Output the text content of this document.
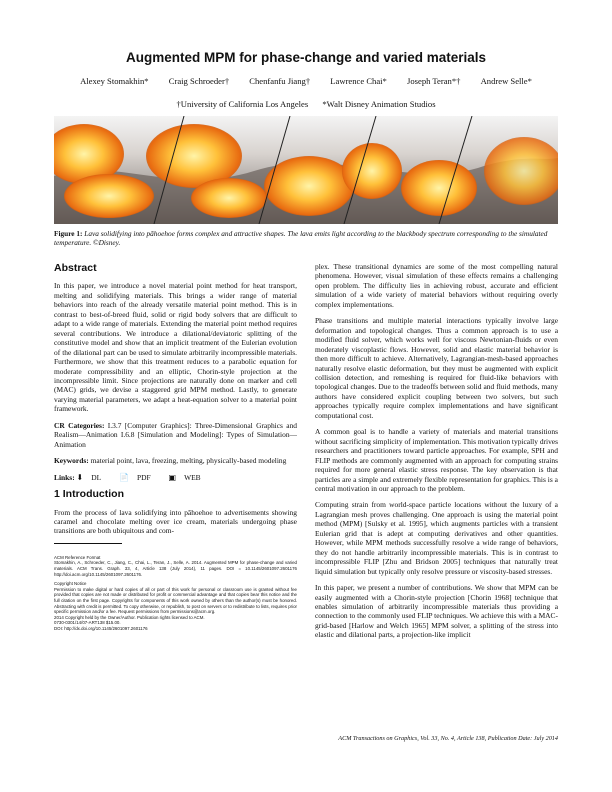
Augmented MPM for phase-change and varied materials
Alexey Stomakhin* Craig Schroeder† Chenfanfu Jiang† Lawrence Chai* Joseph Teran*† Andrew Selle*
†University of California Los Angeles *Walt Disney Animation Studios
Figure 1: Lava solidifying into pāhoehoe forms complex and attractive shapes. The lava emits light according to the blackbody spectrum corresponding to the simulated temperature. ©Disney.
Abstract

In this paper, we introduce a novel material point method for heat transport, melting and solidifying materials. This brings a wider range of material behaviors into reach of the already versatile material point method. This is in contrast to best-of-breed fluid, solid or rigid body solvers that are difficult to adapt to a wide range of materials. Extending the material point method requires several contributions. We introduce a dilational/deviatoric splitting of the constitutive model and show that an implicit treatment of the Eulerian evolution of the dilational part can be used to simulate arbitrarily incompressible materials. Furthermore, we show that this treatment reduces to a parabolic equation for moderate compressibility and an elliptic, Chorin-style projection at the incompressible limit. Since projections are naturally done on marker and cell (MAC) grids, we devise a staggered grid MPM method. Lastly, to generate varying material parameters, we adapt a heat-equation solver to a material point framework.

CR Categories: I.3.7 [Computer Graphics]: Three-Dimensional Graphics and Realism—Animation I.6.8 [Simulation and Modeling]: Types of Simulation—Animation

Keywords: material point, lava, freezing, melting, physically-based modeling

Links: ⬇ DL 📄 PDF ▣ WEB

1 Introduction

From the process of lava solidifying into pāhoehoe to advertisements showing caramel and chocolate melting over ice cream, materials undergoing phase transitions are both ubiquitous and com-

ACM Reference Format
Stomakhin, A., Schroeder, C., Jiang, C., Chai, L., Teran, J., Selle, A. 2014. Augmented MPM for phase-change and varied materials. ACM Trans. Graph. 33, 4, Article 138 (July 2014), 11 pages. DOI = 10.1145/2601097.2601176 http://doi.acm.org/10.1145/2601097.2601176.
Copyright Notice
Permission to make digital or hard copies of all or part of this work for personal or classroom use is granted without fee provided that copies are not made or distributed for profit or commercial advantage and that copies bear this notice and the full citation on the first page. Copyrights for components of this work owned by others than the author(s) must be honored. Abstracting with credit is permitted. To copy otherwise, or republish, to post on servers or to redistribute to lists, requires prior specific permission and/or a fee. Request permissions from permissions@acm.org.
2014 Copyright held by the Owner/Author. Publication rights licensed to ACM.
0730-0301/14/07-ART138 $15.00.
DOI: http://dx.doi.org/10.1145/2601097.2601176

plex. These transitional dynamics are some of the most compelling natural phenomena. However, visual simulation of these effects remains a challenging open problem. The difficulty lies in achieving robust, accurate and efficient simulation of a wide variety of material behaviors without requiring overly complex implementations.

Phase transitions and multiple material interactions typically involve large deformation and topological changes. Thus a common approach is to use a modified fluid solver, which works well for viscous Newtonian-fluids or even moderately viscoplastic flows. However, solid and elastic material behavior is then more difficult to achieve. Alternatively, Lagrangian-mesh-based approaches naturally resolve elastic deformation, but they must be augmented with explicit collision detection, and remeshing is required for fluid-like behaviors with topological changes. Due to the tradeoffs between solid and fluid methods, many authors have considered explicit coupling between two solvers, but such approaches typically require complex implementations and have significant computational cost.

A common goal is to handle a variety of materials and material transitions without sacrificing simplicity of implementation. This motivation typically drives researchers and practitioners toward particle approaches. For example, SPH and FLIP methods are commonly augmented with an approach for computing strains required for more general elastic stress response. The key observation is that particles are a simple and extremely flexible representation for graphics. This is a central motivation in our approach to the problem.

Computing strain from world-space particle locations without the luxury of a Lagrangian mesh proves challenging. One approach is using the material point method (MPM) [Sulsky et al. 1995], which augments particles with a transient Eulerian grid that is adept at computing derivatives and other quantities. However, while MPM methods successfully resolve a wide range of behaviors, they do not handle arbitrarily incompressible materials. This is in contrast to incompressible FLIP [Zhu and Bridson 2005] techniques that naturally treat liquid simulation but typically only resolve pressure or viscosity-based stresses.

In this paper, we present a number of contributions. We show that MPM can be easily augmented with a Chorin-style projection [Chorin 1968] technique that enables simulation of arbitrarily incompressible materials thus providing a connection to the commonly used FLIP techniques. We achieve this with a MAC-grid-based [Harlow and Welch 1965] MPM solver, a splitting of the stress into elastic and dilational parts, a projection-like implicit

ACM Transactions on Graphics, Vol. 33, No. 4, Article 138, Publication Date: July 2014
